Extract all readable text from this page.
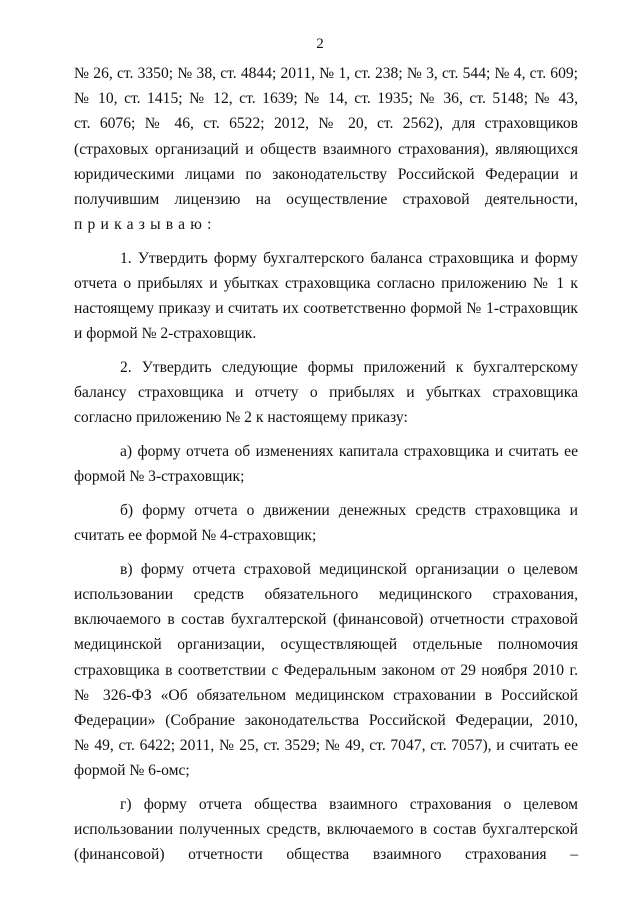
2
№ 26, ст. 3350; № 38, ст. 4844; 2011, № 1, ст. 238; № 3, ст. 544; № 4, ст. 609;
№ 10, ст. 1415; № 12, ст. 1639; № 14, ст. 1935; № 36, ст. 5148; № 43,
ст. 6076; № 46, ст. 6522; 2012, № 20, ст. 2562), для страховщиков
(страховых организаций и обществ взаимного страхования), являющихся
юридическими лицами по законодательству Российской Федерации и
получившим лицензию на осуществление страховой деятельности,
приказываю:
1. Утвердить форму бухгалтерского баланса страховщика и форму
отчета о прибылях и убытках страховщика согласно приложению № 1 к
настоящему приказу и считать их соответственно формой № 1-страховщик
и формой № 2-страховщик.
2. Утвердить следующие формы приложений к бухгалтерскому
балансу страховщика и отчету о прибылях и убытках страховщика
согласно приложению № 2 к настоящему приказу:
а) форму отчета об изменениях капитала страховщика и считать ее
формой № 3-страховщик;
б) форму отчета о движении денежных средств страховщика и
считать ее формой № 4-страховщик;
в) форму отчета страховой медицинской организации о целевом
использовании средств обязательного медицинского страхования,
включаемого в состав бухгалтерской (финансовой) отчетности страховой
медицинской организации, осуществляющей отдельные полномочия
страховщика в соответствии с Федеральным законом от 29 ноября 2010 г.
№ 326-ФЗ «Об обязательном медицинском страховании в Российской
Федерации» (Собрание законодательства Российской Федерации, 2010,
№ 49, ст. 6422; 2011, № 25, ст. 3529; № 49, ст. 7047, ст. 7057), и считать ее
формой № 6-омс;
г) форму отчета общества взаимного страхования о целевом
использовании полученных средств, включаемого в состав бухгалтерской
(финансовой) отчетности общества взаимного страхования –
